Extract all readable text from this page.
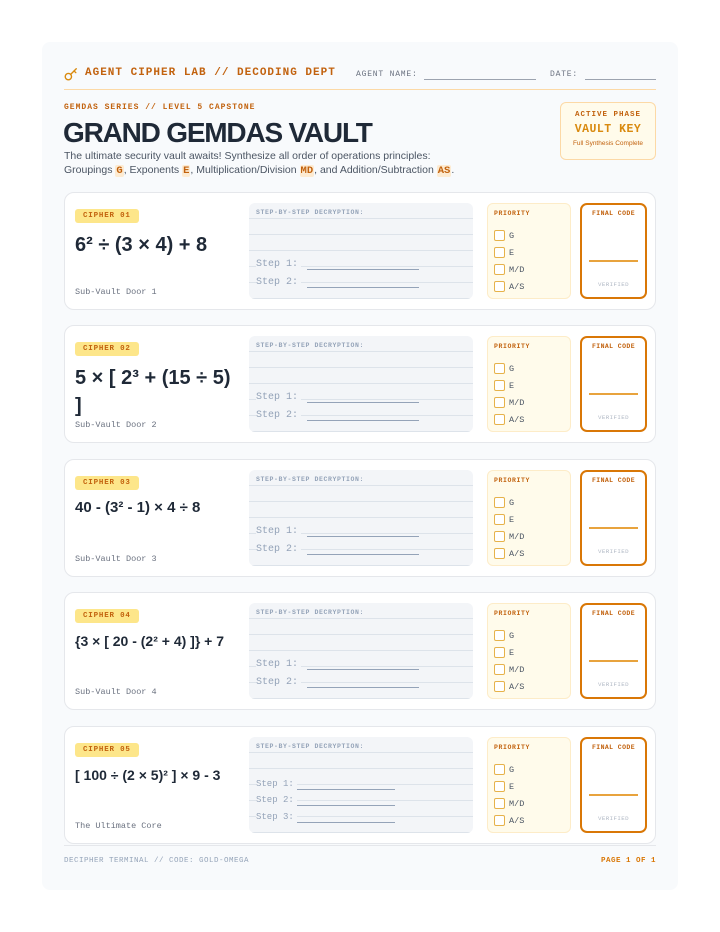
AGENT CIPHER LAB // DECODING DEPT	AGENT NAME:	DATE:
GEMDAS SERIES // LEVEL 5 CAPSTONE
GRAND GEMDAS VAULT
The ultimate security vault awaits! Synthesize all order of operations principles:
Groupings G, Exponents E, Multiplication/Division MD, and Addition/Subtraction AS.
ACTIVE PHASE
VAULT KEY
Full Synthesis Complete
CIPHER 01
6² ÷ (3 × 4) + 8
Sub-Vault Door 1
STEP-BY-STEP DECRYPTION:
Step 1:
Step 2:
PRIORITY
G
E
M/D
A/S
FINAL CODE
VERIFIED
CIPHER 02
5 × [ 2³ + (15 ÷ 5) ]
Sub-Vault Door 2
STEP-BY-STEP DECRYPTION:
Step 1:
Step 2:
PRIORITY
G
E
M/D
A/S
FINAL CODE
VERIFIED
CIPHER 03
40 - (3² - 1) × 4 ÷ 8
Sub-Vault Door 3
STEP-BY-STEP DECRYPTION:
Step 1:
Step 2:
PRIORITY
G
E
M/D
A/S
FINAL CODE
VERIFIED
CIPHER 04
{3 × [ 20 - (2² + 4) ]} + 7
Sub-Vault Door 4
STEP-BY-STEP DECRYPTION:
Step 1:
Step 2:
PRIORITY
G
E
M/D
A/S
FINAL CODE
VERIFIED
CIPHER 05
[ 100 ÷ (2 × 5)² ] × 9 - 3
The Ultimate Core
STEP-BY-STEP DECRYPTION:
Step 1:
Step 2:
Step 3:
PRIORITY
G
E
M/D
A/S
FINAL CODE
VERIFIED
DECIPHER TERMINAL // CODE: GOLD-OMEGA	PAGE 1 OF 1
